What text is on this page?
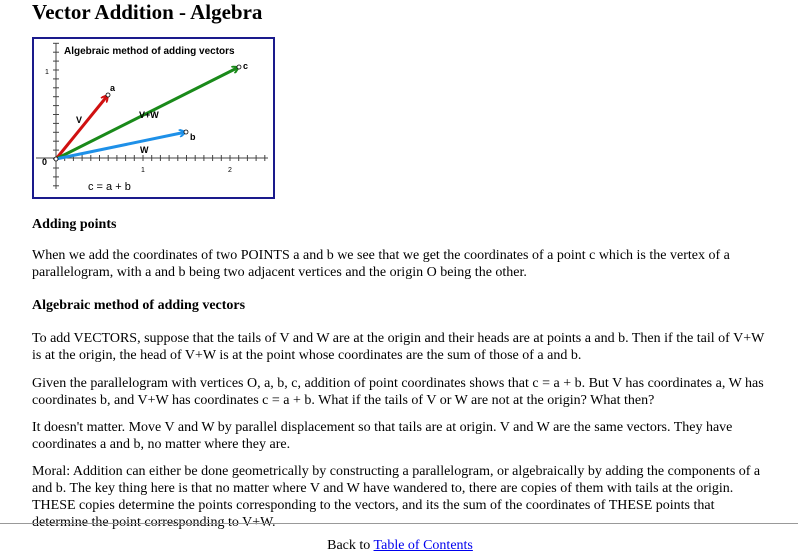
Vector Addition - Algebra
Algebraic method of adding vectors
0
1	2
1
a
b
c
V
W
V+W
c = a + b
Adding points

When we add the coordinates of two POINTS a and b we see that we get the coordinates of a point c which is the vertex of a parallelogram, with a and b being two adjacent vertices and the origin O being the other.

Algebraic method of adding vectors

To add VECTORS, suppose that the tails of V and W are at the origin and their heads are at points a and b. Then if the tail of V+W is at the origin, the head of V+W is at the point whose coordinates are the sum of those of a and b.

Given the parallelogram with vertices O, a, b, c, addition of point coordinates shows that c = a + b. But V has coordinates a, W has coordinates b, and V+W has coordinates c = a + b. What if the tails of V or W are not at the origin? What then?

It doesn't matter. Move V and W by parallel displacement so that tails are at origin. V and W are the same vectors. They have coordinates a and b, no matter where they are.

Moral: Addition can either be done geometrically by constructing a parallelogram, or algebraically by adding the components of a and b. The key thing here is that no matter where V and W have wandered to, there are copies of them with tails at the origin. THESE copies determine the points corresponding to the vectors, and its the sum of the coordinates of THESE points that determine the point corresponding to V+W.

Back to Table of Contents
